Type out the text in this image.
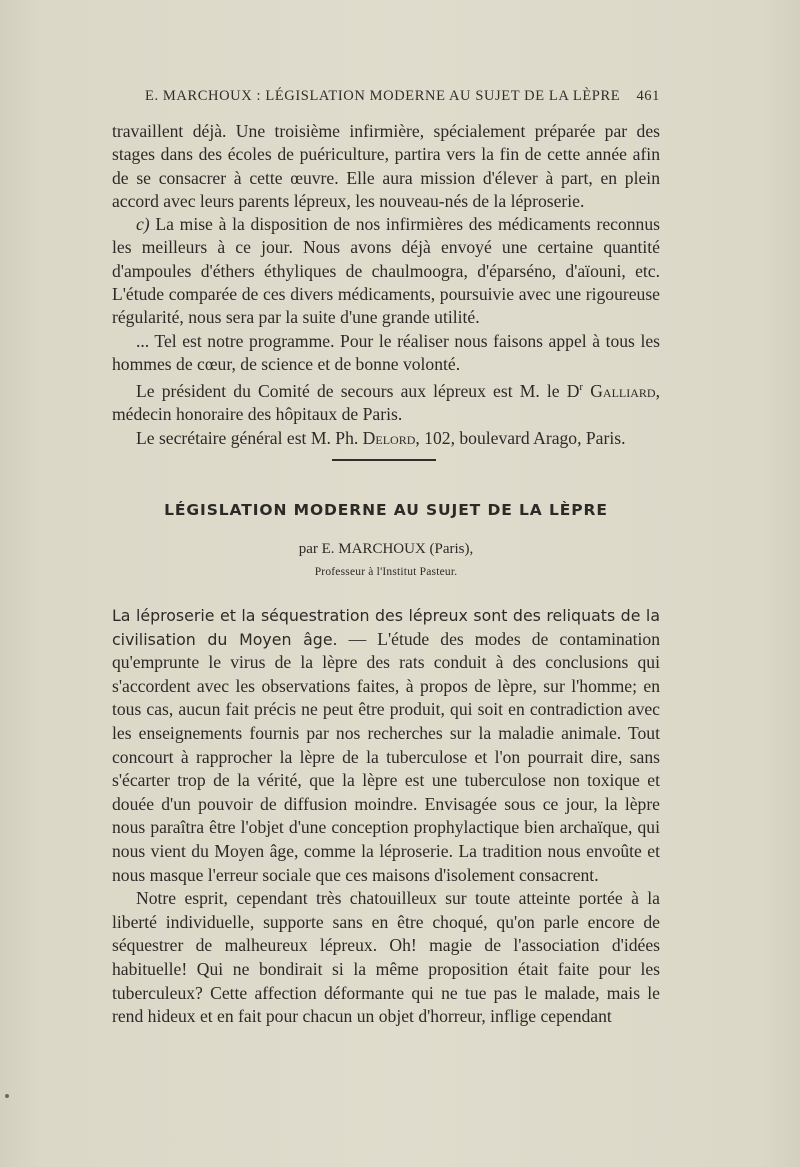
E. MARCHOUX : LÉGISLATION MODERNE AU SUJET DE LA LÈPRE 461

travaillent déjà. Une troisième infirmière, spécialement préparée par des stages dans des écoles de puériculture, partira vers la fin de cette année afin de se consacrer à cette œuvre. Elle aura mission d'élever à part, en plein accord avec leurs parents lépreux, les nouveau-nés de la léproserie.

c) La mise à la disposition de nos infirmières des médicaments reconnus les meilleurs à ce jour. Nous avons déjà envoyé une certaine quantité d'ampoules d'éthers éthyliques de chaulmoogra, d'éparséno, d'aïouni, etc. L'étude comparée de ces divers médicaments, poursuivie avec une rigoureuse régularité, nous sera par la suite d'une grande utilité.

... Tel est notre programme. Pour le réaliser nous faisons appel à tous les hommes de cœur, de science et de bonne volonté.

Le président du Comité de secours aux lépreux est M. le $D^r$ Galliard, médecin honoraire des hôpitaux de Paris.

Le secrétaire général est M. Ph. Delord, 102, boulevard Arago, Paris.

LÉGISLATION MODERNE AU SUJET DE LA LÈPRE
par E. MARCHOUX (Paris),
Professeur à l'Institut Pasteur.

La léproserie et la séquestration des lépreux sont des reliquats de la civilisation du Moyen âge. — L'étude des modes de contamination qu'emprunte le virus de la lèpre des rats conduit à des conclusions qui s'accordent avec les observations faites, à propos de lèpre, sur l'homme; en tous cas, aucun fait précis ne peut être produit, qui soit en contradiction avec les enseignements fournis par nos recherches sur la maladie animale. Tout concourt à rapprocher la lèpre de la tuberculose et l'on pourrait dire, sans s'écarter trop de la vérité, que la lèpre est une tuberculose non toxique et douée d'un pouvoir de diffusion moindre. Envisagée sous ce jour, la lèpre nous paraîtra être l'objet d'une conception prophylactique bien archaïque, qui nous vient du Moyen âge, comme la léproserie. La tradition nous envoûte et nous masque l'erreur sociale que ces maisons d'isolement consacrent.

Notre esprit, cependant très chatouilleux sur toute atteinte portée à la liberté individuelle, supporte sans en être choqué, qu'on parle encore de séquestrer de malheureux lépreux. Oh! magie de l'association d'idées habituelle! Qui ne bondirait si la même proposition était faite pour les tuberculeux? Cette affection déformante qui ne tue pas le malade, mais le rend hideux et en fait pour chacun un objet d'horreur, inflige cependant
